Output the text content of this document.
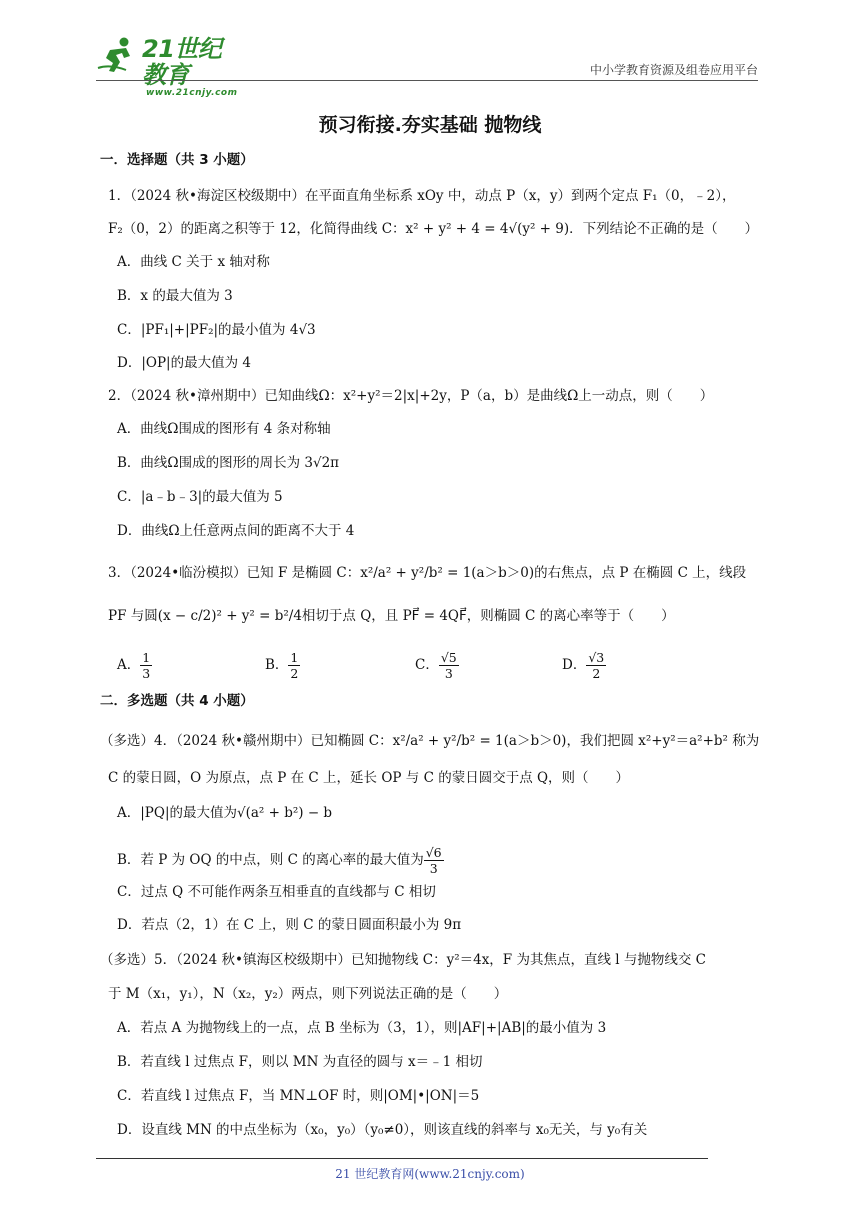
21世纪教育
www.21cnjy.com
中小学教育资源及组卷应用平台
预习衔接.夯实基础 抛物线
一．选择题（共 3 小题）
1．（2024 秋•海淀区校级期中）在平面直角坐标系 xOy 中，动点 P（x，y）到两个定点 F₁（0，﹣2），
F₂（0，2）的距离之积等于 12，化简得曲线 C：x² + y² + 4 = 4√(y² + 9)．下列结论不正确的是（　　）
A．曲线 C 关于 x 轴对称
B．x 的最大值为 3
C．|PF₁|+|PF₂|的最小值为 4√3
D．|OP|的最大值为 4
2．（2024 秋•漳州期中）已知曲线Ω：x²+y²＝2|x|+2y，P（a，b）是曲线Ω上一动点，则（　　）
A．曲线Ω围成的图形有 4 条对称轴
B．曲线Ω围成的图形的周长为 3√2π
C．|a﹣b﹣3|的最大值为 5
D．曲线Ω上任意两点间的距离不大于 4
3．（2024•临汾模拟）已知 F 是椭圆 C：x²/a² + y²/b² = 1(a＞b＞0)的右焦点，点 P 在椭圆 C 上，线段
PF 与圆(x − c/2)² + y² = b²/4相切于点 Q，且 PF⃗ = 4QF⃗，则椭圆 C 的离心率等于（　　）
A． $\frac{1}{3}$	B． $\frac{1}{2}$	C． $\frac{√5}{3}$	D． $\frac{√3}{2}$
二．多选题（共 4 小题）
（多选）4．（2024 秋•赣州期中）已知椭圆 C：x²/a² + y²/b² = 1(a＞b＞0)，我们把圆 x²+y²＝a²+b² 称为
C 的蒙日圆，O 为原点，点 P 在 C 上，延长 OP 与 C 的蒙日圆交于点 Q，则（　　）
A．|PQ|的最大值为√(a² + b²) − b
B．若 P 为 OQ 的中点，则 C 的离心率的最大值为 $\frac{√6}{3}$
C．过点 Q 不可能作两条互相垂直的直线都与 C 相切
D．若点（2，1）在 C 上，则 C 的蒙日圆面积最小为 9π
（多选）5．（2024 秋•镇海区校级期中）已知抛物线 C：y²＝4x，F 为其焦点，直线 l 与抛物线交 C
于 M（x₁，y₁），N（x₂，y₂）两点，则下列说法正确的是（　　）
A．若点 A 为抛物线上的一点，点 B 坐标为（3，1），则|AF|+|AB|的最小值为 3
B．若直线 l 过焦点 F，则以 MN 为直径的圆与 x＝﹣1 相切
C．若直线 l 过焦点 F，当 MN⊥OF 时，则|OM|•|ON|＝5
D．设直线 MN 的中点坐标为（x₀，y₀）（y₀≠0），则该直线的斜率与 x₀无关，与 y₀有关
21 世纪教育网(www.21cnjy.com)
